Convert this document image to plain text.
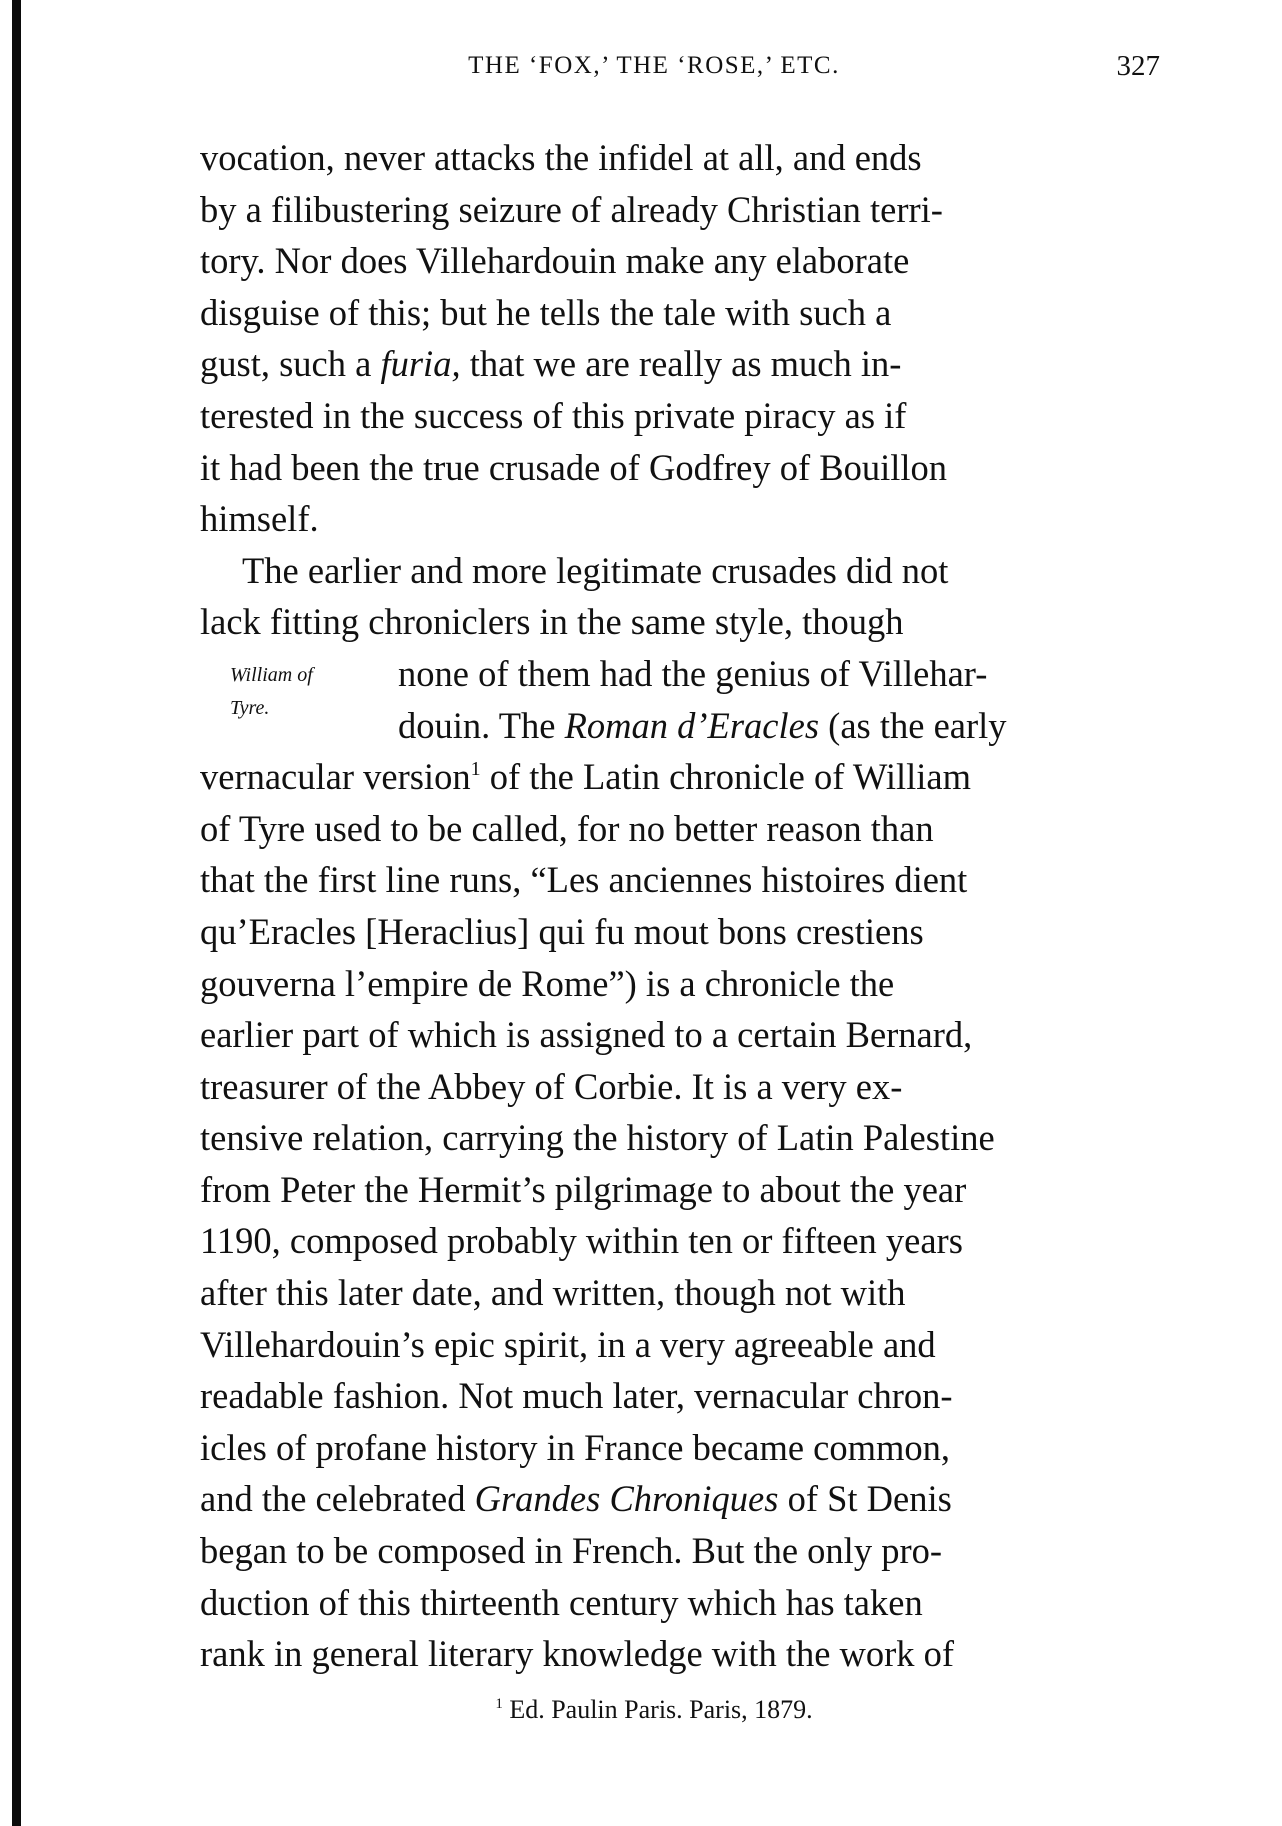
THE ‘FOX,’ THE ‘ROSE,’ ETC.	327
William of
Tyre.
vocation, never attacks the infidel at all, and ends
by a filibustering seizure of already Christian terri-
tory. Nor does Villehardouin make any elaborate
disguise of this; but he tells the tale with such a
gust, such a furia, that we are really as much in-
terested in the success of this private piracy as if
it had been the true crusade of Godfrey of Bouillon
himself.
The earlier and more legitimate crusades did not
lack fitting chroniclers in the same style, though
none of them had the genius of Villehar-
douin. The Roman d’Eracles (as the early
vernacular version$^1$ of the Latin chronicle of William
of Tyre used to be called, for no better reason than
that the first line runs, “Les anciennes histoires dient
qu’Eracles [Heraclius] qui fu mout bons crestiens
gouverna l’empire de Rome”) is a chronicle the
earlier part of which is assigned to a certain Bernard,
treasurer of the Abbey of Corbie. It is a very ex-
tensive relation, carrying the history of Latin Palestine
from Peter the Hermit’s pilgrimage to about the year
1190, composed probably within ten or fifteen years
after this later date, and written, though not with
Villehardouin’s epic spirit, in a very agreeable and
readable fashion. Not much later, vernacular chron-
icles of profane history in France became common,
and the celebrated Grandes Chroniques of St Denis
began to be composed in French. But the only pro-
duction of this thirteenth century which has taken
rank in general literary knowledge with the work of
$^1$ Ed. Paulin Paris. Paris, 1879.
